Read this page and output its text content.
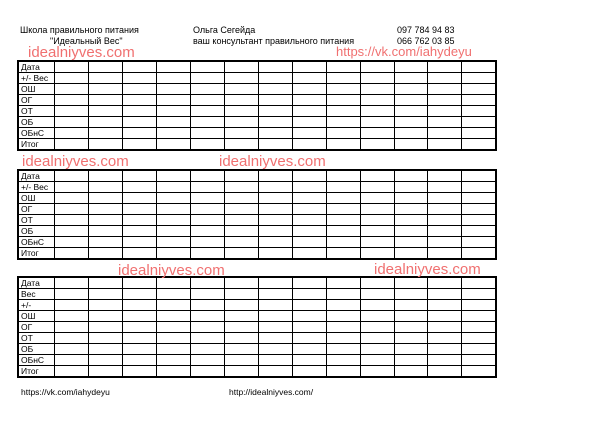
Школа правильного питания
"Идеальный Вес"
Ольга Сегейда
ваш консультант правильного питания
097 784 94 83
066 762 03 85
Дата													
+/- Вес													
ОШ													
ОГ													
ОТ													
ОБ													
ОБнС													
Итог													
Дата													
+/- Вес													
ОШ													
ОГ													
ОТ													
ОБ													
ОБнС													
Итог													
Дата													
Вес													
+/-													
ОШ													
ОГ													
ОТ													
ОБ													
ОБнС													
Итог													
idealniyves.com	https://vk.com/iahydeyu
idealniyves.com	idealniyves.com
idealniyves.com	idealniyves.com
https://vk.com/iahydeyu	http://idealniyves.com/
